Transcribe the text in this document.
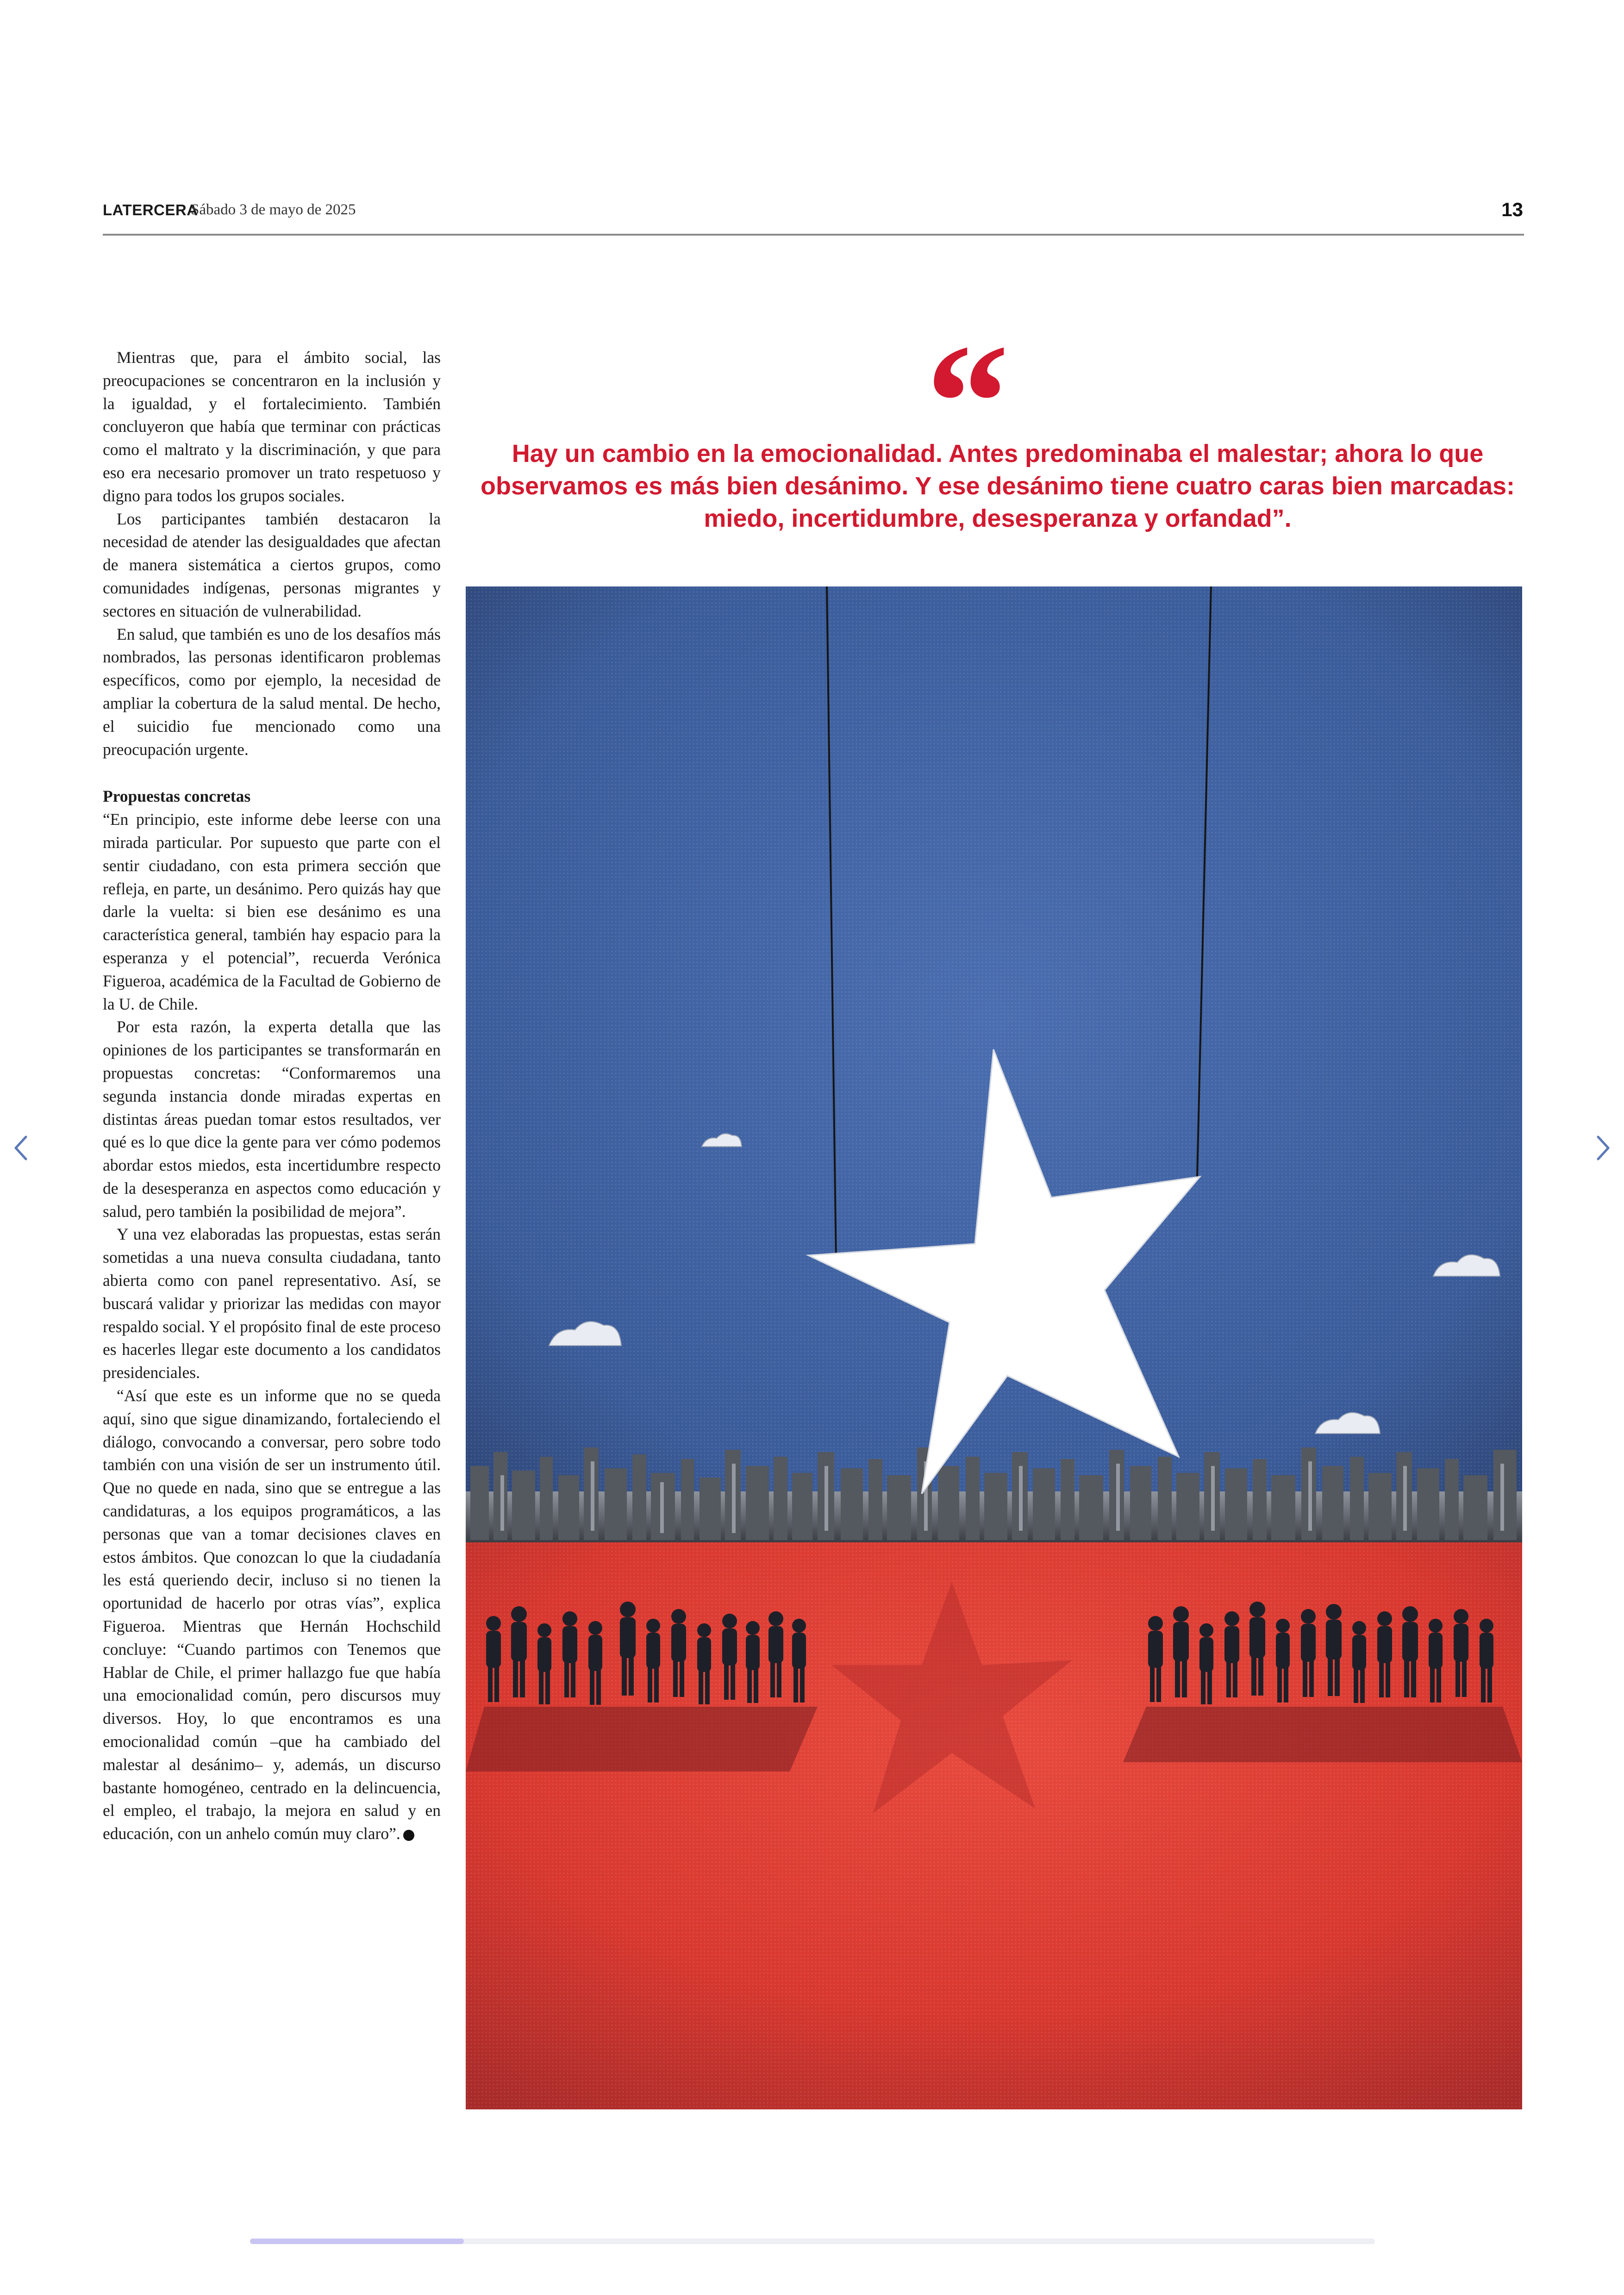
LATERCERA
Sábado 3 de mayo de 2025	13

Mientras que, para el ámbito social, las preocupaciones se concentraron en la inclusión y la igualdad, y el fortalecimiento. También concluyeron que había que terminar con prácticas como el maltrato y la discriminación, y que para eso era necesario promover un trato respetuoso y digno para todos los grupos sociales.

Los participantes también destacaron la necesidad de atender las desigualdades que afectan de manera sistemática a ciertos grupos, como comunidades indígenas, personas migrantes y sectores en situación de vulnerabilidad.

En salud, que también es uno de los desafíos más nombrados, las personas identificaron problemas específicos, como por ejemplo, la necesidad de ampliar la cobertura de la salud mental. De hecho, el suicidio fue mencionado como una preocupación urgente.

Propuestas concretas

“En principio, este informe debe leerse con una mirada particular. Por supuesto que parte con el sentir ciudadano, con esta primera sección que refleja, en parte, un desánimo. Pero quizás hay que darle la vuelta: si bien ese desánimo es una característica general, también hay espacio para la esperanza y el potencial”, recuerda Verónica Figueroa, académica de la Facultad de Gobierno de la U. de Chile.

Por esta razón, la experta detalla que las opiniones de los participantes se transformarán en propuestas concretas: “Conformaremos una segunda instancia donde miradas expertas en distintas áreas puedan tomar estos resultados, ver qué es lo que dice la gente para ver cómo podemos abordar estos miedos, esta incertidumbre respecto de la desesperanza en aspectos como educación y salud, pero también la posibilidad de mejora”.

Y una vez elaboradas las propuestas, estas serán sometidas a una nueva consulta ciudadana, tanto abierta como con panel representativo. Así, se buscará validar y priorizar las medidas con mayor respaldo social. Y el propósito final de este proceso es hacerles llegar este documento a los candidatos presidenciales.

“Así que este es un informe que no se queda aquí, sino que sigue dinamizando, fortaleciendo el diálogo, convocando a conversar, pero sobre todo también con una visión de ser un instrumento útil. Que no quede en nada, sino que se entregue a las candidaturas, a los equipos programáticos, a las personas que van a tomar decisiones claves en estos ámbitos. Que conozcan lo que la ciudadanía les está queriendo decir, incluso si no tienen la oportunidad de hacerlo por otras vías”, explica Figueroa. Mientras que Hernán Hochschild concluye: “Cuando partimos con Tenemos que Hablar de Chile, el primer hallazgo fue que había una emocionalidad común, pero discursos muy diversos. Hoy, lo que encontramos es una emocionalidad común –que ha cambiado del malestar al desánimo– y, además, un discurso bastante homogéneo, centrado en la delincuencia, el empleo, el trabajo, la mejora en salud y en educación, con un anhelo común muy claro”.

“
Hay un cambio en la emocionalidad. Antes predominaba el malestar; ahora lo que observamos es más bien desánimo. Y ese desánimo tiene cuatro caras bien marcadas: miedo, incertidumbre, desesperanza y orfandad”.
